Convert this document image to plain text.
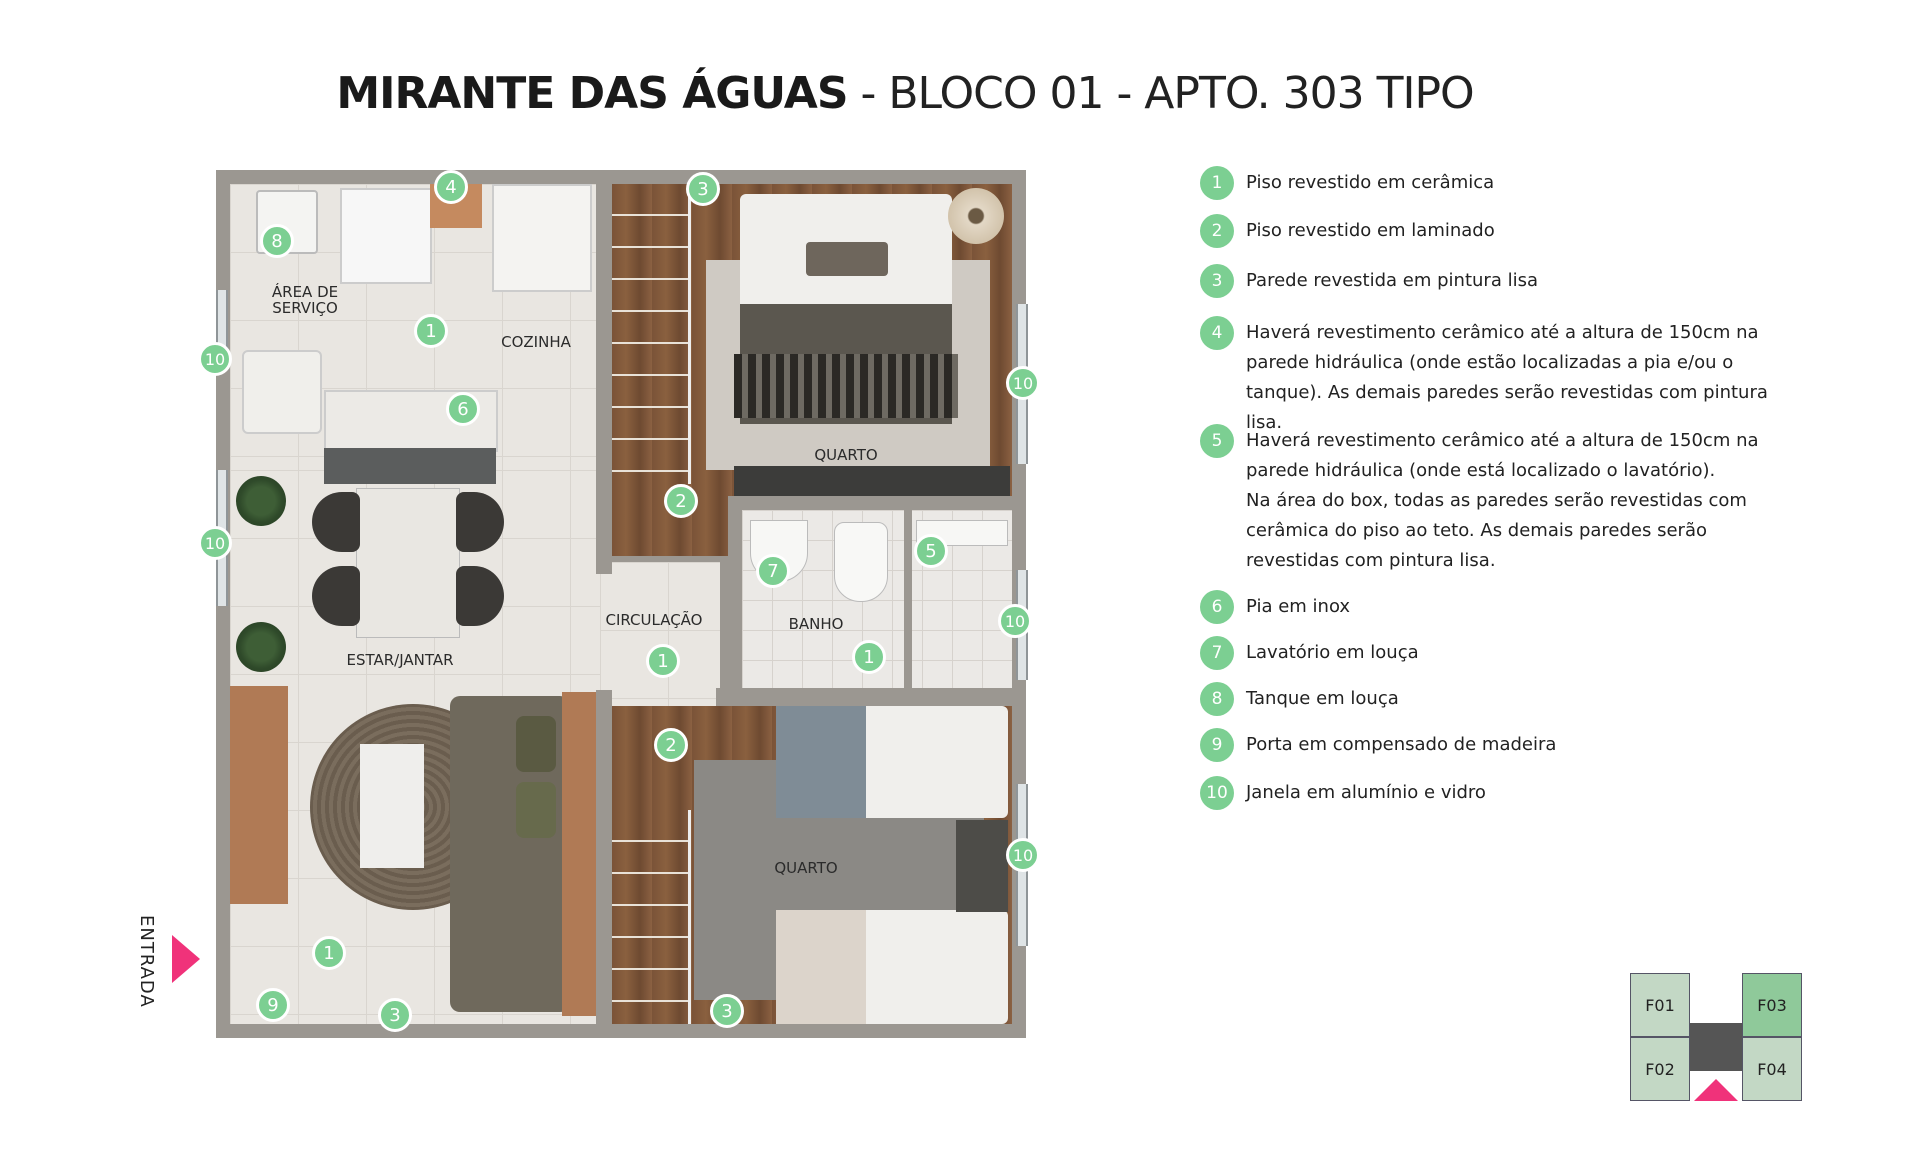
MIRANTE DAS ÁGUAS - BLOCO 01 - APTO. 303 TIPO
ÁREA DE
SERVIÇO
COZINHA
QUARTO
CIRCULAÇÃO	BANHO
ESTAR/JANTAR
QUARTO
4	3
8
1
10
10
6
2
10
7
5
10
1	1
2
10
1
9	3	3
ENTRADA
1	Piso revestido em cerâmica
2	Piso revestido em laminado
3	Parede revestida em pintura lisa
4	Haverá revestimento cerâmico até a altura de 150cm na
parede hidráulica (onde estão localizadas a pia e/ou o
tanque). As demais paredes serão revestidas com pintura lisa.
5	Haverá revestimento cerâmico até a altura de 150cm na
parede hidráulica (onde está localizado o lavatório).
Na área do box, todas as paredes serão revestidas com
cerâmica do piso ao teto. As demais paredes serão
revestidas com pintura lisa.
6	Pia em inox
7	Lavatório em louça
8	Tanque em louça
9	Porta em compensado de madeira
10	Janela em alumínio e vidro
F01
F02
F03
F04
